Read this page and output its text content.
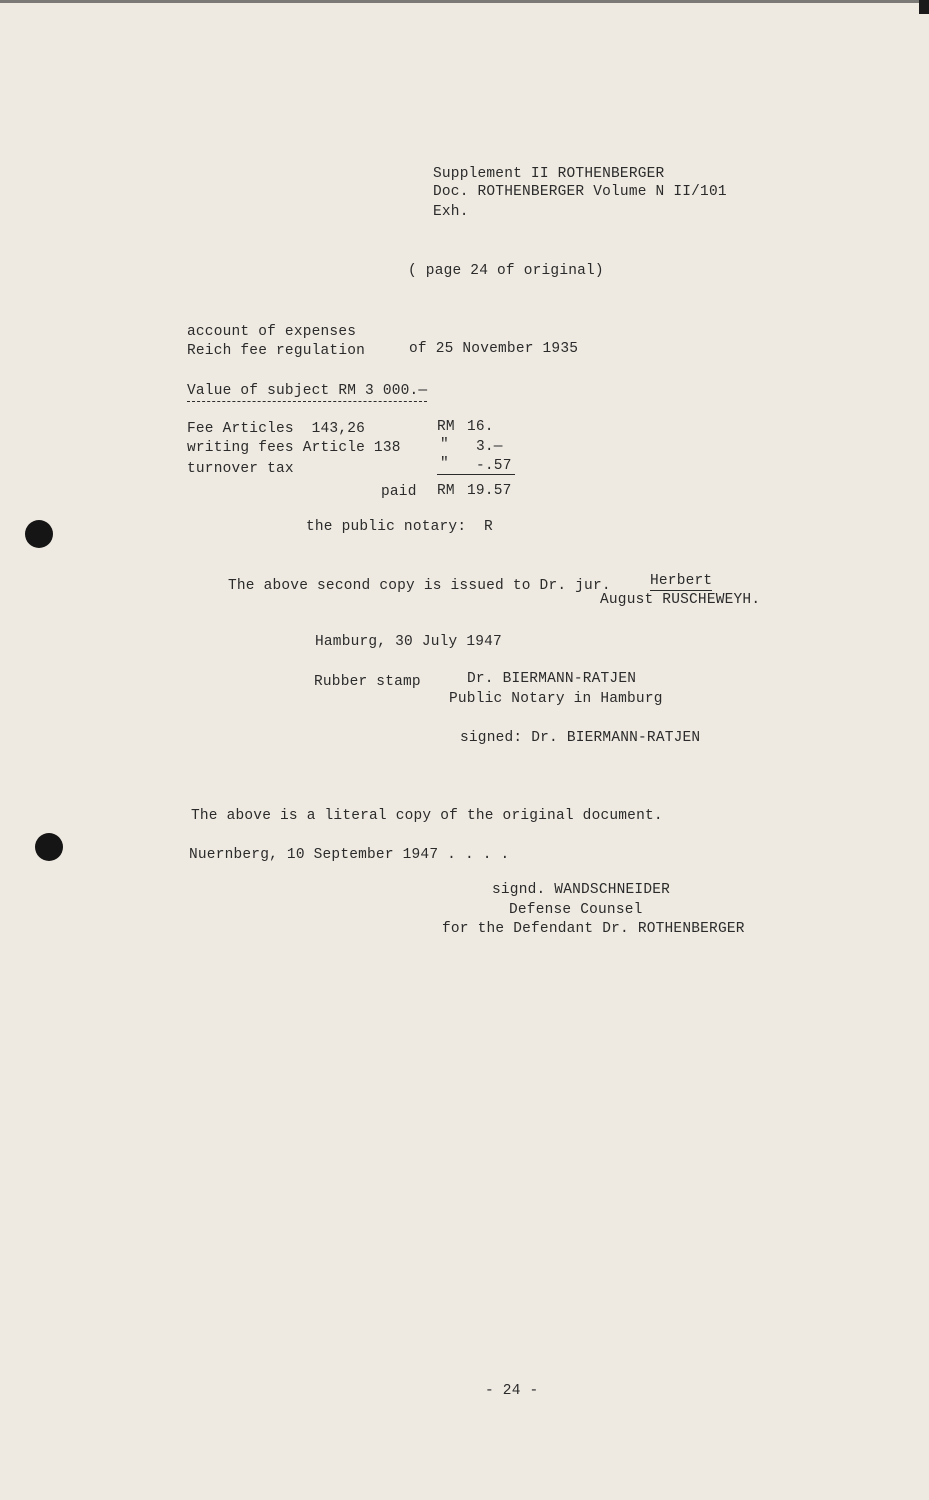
Supplement II ROTHENBERGER
Doc. ROTHENBERGER Volume N II/101
Exh.
( page 24 of original)
account of expenses
Reich fee regulation	of 25 November 1935
Value of subject RM 3 000.—
Fee Articles  143,26	RM 16.
writing fees Article 138	" 3.—
turnover tax	" -.57
paid RM 19.57
the public notary:  R
The above second copy is issued to Dr. jur.	Herbert
August RUSCHEWEYH.
Hamburg, 30 July 1947
Rubber stamp	Dr. BIERMANN-RATJEN
Public Notary in Hamburg
signed: Dr. BIERMANN-RATJEN
The above is a literal copy of the original document.
Nuernberg, 10 September 1947 . . . .
signd. WANDSCHNEIDER
Defense Counsel
for the Defendant Dr. ROTHENBERGER
- 24 -
